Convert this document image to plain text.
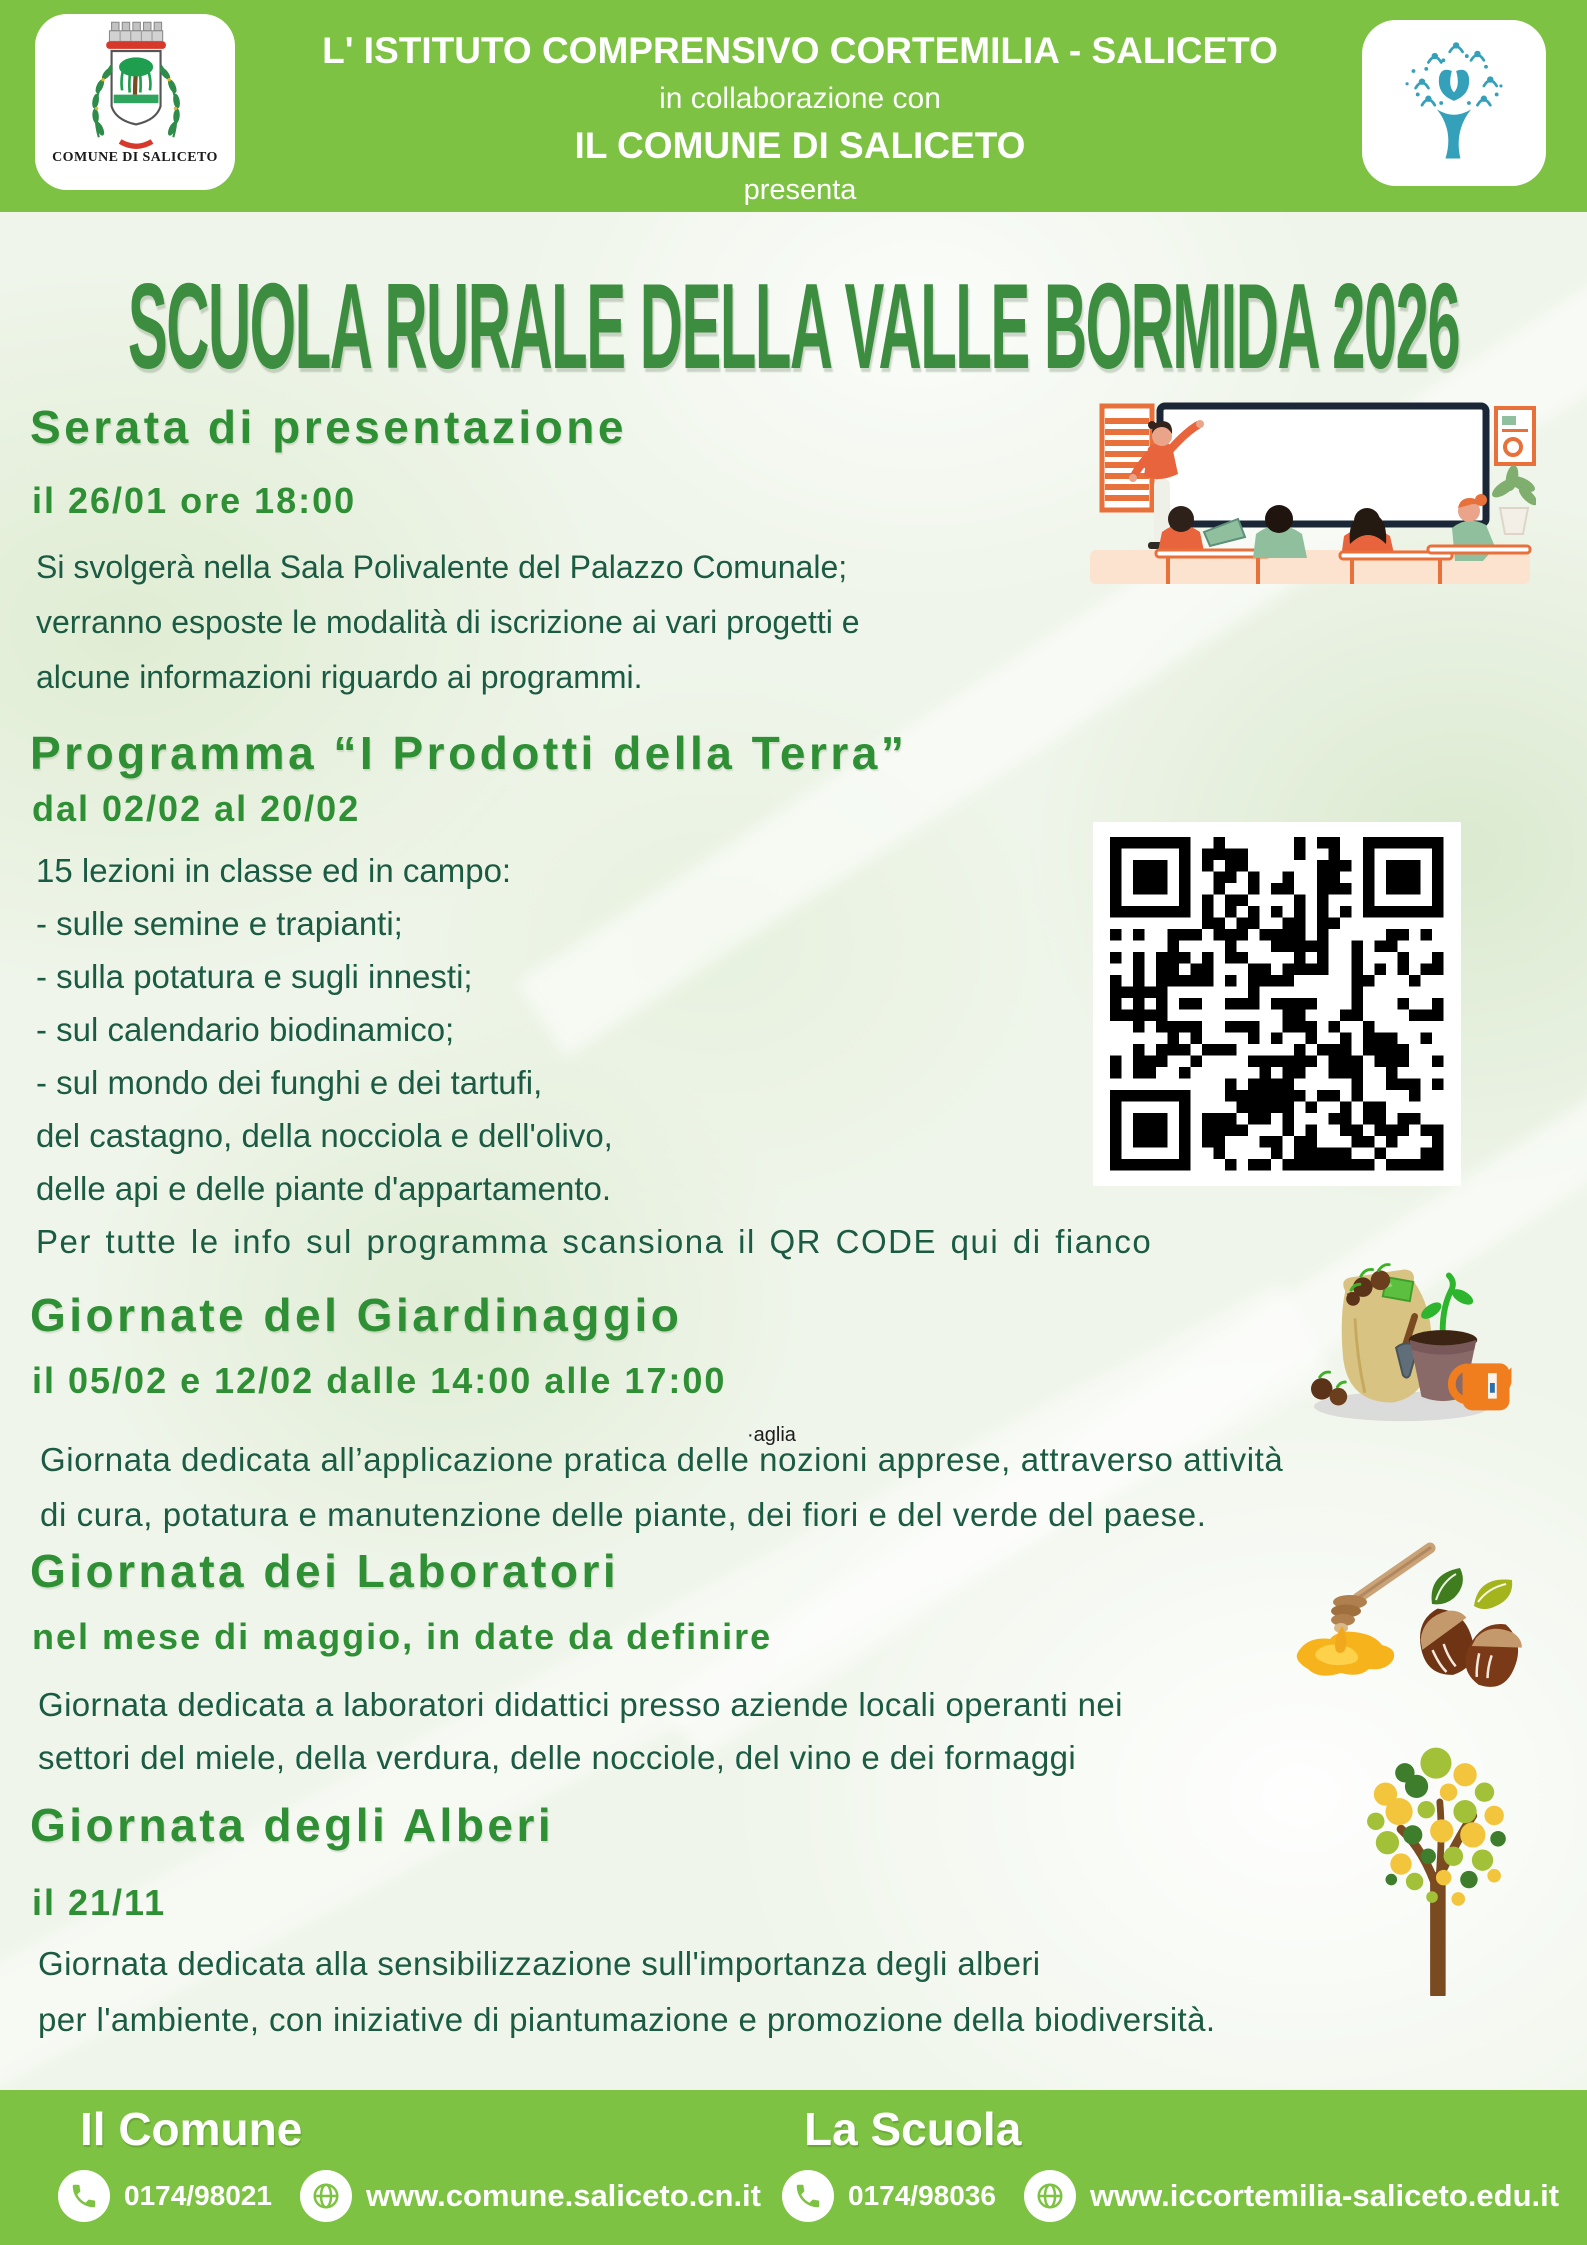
COMUNE DI SALICETO
L' ISTITUTO COMPRENSIVO CORTEMILIA - SALICETO
in collaborazione con
IL COMUNE DI SALICETO
presenta
SCUOLA RURALE DELLA VALLE BORMIDA 2026
Serata di presentazione
il 26/01 ore 18:00
Si svolgerà nella Sala Polivalente del Palazzo Comunale;
verranno esposte le modalità di iscrizione ai vari progetti e
alcune informazioni riguardo ai programmi.
Programma “I Prodotti della Terra”
dal 02/02 al 20/02
15 lezioni in classe ed in campo:
- sulle semine e trapianti;
- sulla potatura e sugli innesti;
- sul calendario biodinamico;
- sul mondo dei funghi e dei tartufi,
del castagno, della nocciola e dell'olivo,
delle api e delle piante d'appartamento.
Per tutte le info sul programma scansiona il QR CODE qui di fianco
Giornate del Giardinaggio
il 05/02 e 12/02 dalle 14:00 alle 17:00
·aglia
Giornata dedicata all’applicazione pratica delle nozioni apprese, attraverso attività
di cura, potatura e manutenzione delle piante, dei fiori e del verde del paese.
Giornata dei Laboratori
nel mese di maggio, in date da definire
Giornata dedicata a laboratori didattici presso aziende locali operanti nei
settori del miele, della verdura, delle nocciole, del vino e dei formaggi
Giornata degli Alberi
il 21/11
Giornata dedicata alla sensibilizzazione sull'importanza degli alberi
per l'ambiente, con iniziative di piantumazione e promozione della biodiversità.
Il Comune
0174/98021	www.comune.saliceto.cn.it
La Scuola
0174/98036	www.iccortemilia-saliceto.edu.it
